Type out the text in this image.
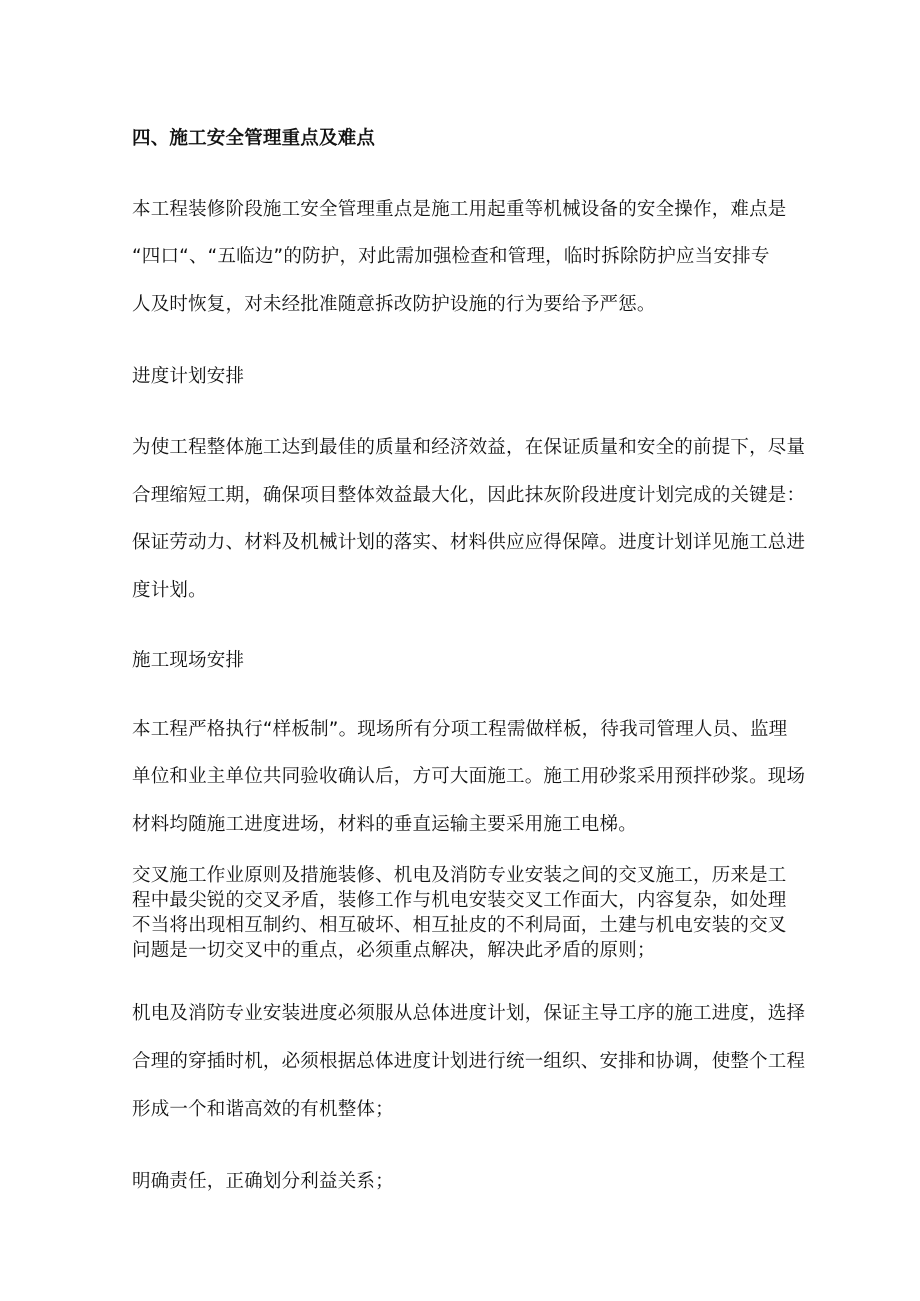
四、施工安全管理重点及难点
本工程装修阶段施工安全管理重点是施工用起重等机械设备的安全操作，难点是
“四口“、“五临边”的防护，对此需加强检查和管理，临时拆除防护应当安排专
人及时恢复，对未经批准随意拆改防护设施的行为要给予严惩。
进度计划安排
为使工程整体施工达到最佳的质量和经济效益，在保证质量和安全的前提下，尽量
合理缩短工期，确保项目整体效益最大化，因此抹灰阶段进度计划完成的关键是：
保证劳动力、材料及机械计划的落实、材料供应应得保障。进度计划详见施工总进
度计划。
施工现场安排
本工程严格执行“样板制”。现场所有分项工程需做样板，待我司管理人员、监理
单位和业主单位共同验收确认后，方可大面施工。施工用砂浆采用预拌砂浆。现场
材料均随施工进度进场，材料的垂直运输主要采用施工电梯。
交叉施工作业原则及措施装修、机电及消防专业安装之间的交叉施工，历来是工
程中最尖锐的交叉矛盾，装修工作与机电安装交叉工作面大，内容复杂，如处理
不当将出现相互制约、相互破坏、相互扯皮的不利局面，土建与机电安装的交叉
问题是一切交叉中的重点，必须重点解决，解决此矛盾的原则；
机电及消防专业安装进度必须服从总体进度计划，保证主导工序的施工进度，选择
合理的穿插时机，必须根据总体进度计划进行统一组织、安排和协调，使整个工程
形成一个和谐高效的有机整体；
明确责任，正确划分利益关系；
